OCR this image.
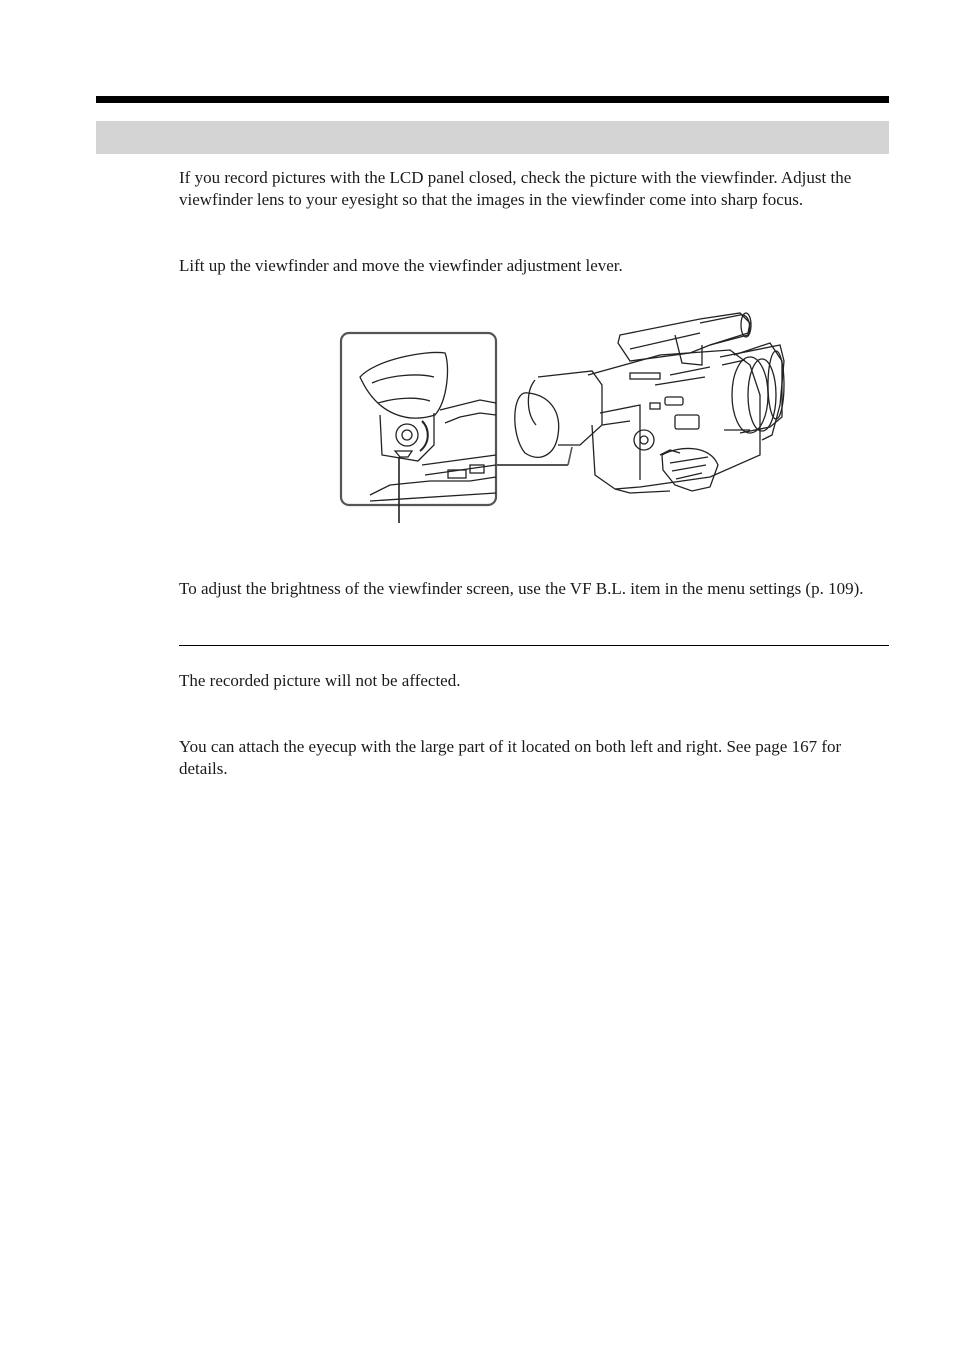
If you record pictures with the LCD panel closed, check the picture with the viewfinder. Adjust the viewfinder lens to your eyesight so that the images in the viewfinder come into sharp focus.

Lift up the viewfinder and move the viewfinder adjustment lever.

To adjust the brightness of the viewfinder screen, use the VF B.L. item in the menu settings (p. 109).

The recorded picture will not be affected.

You can attach the eyecup with the large part of it located on both left and right. See page 167 for details.
